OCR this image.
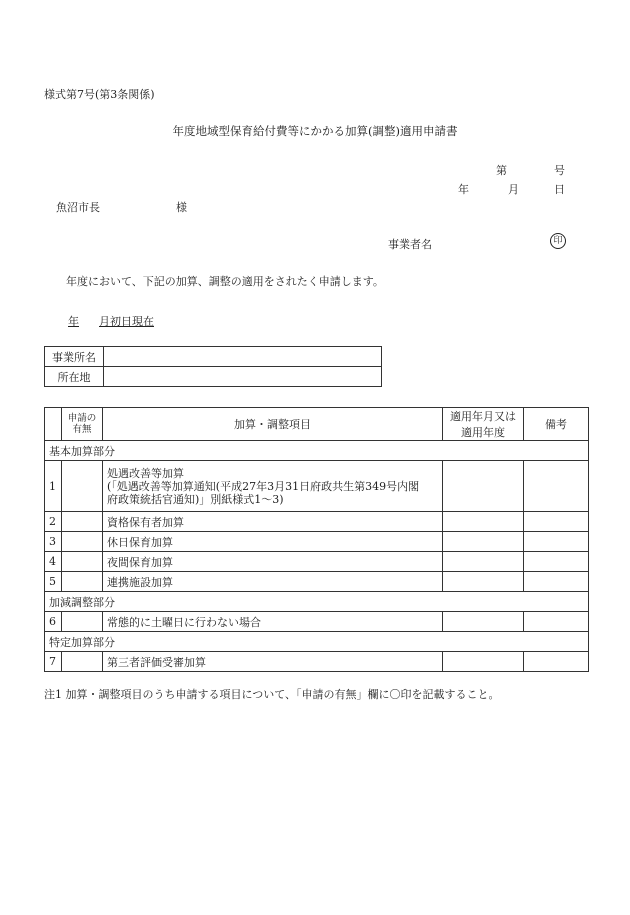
様式第7号(第3条関係)
年度地域型保育給付費等にかかる加算(調整)適用申請書
第	号
年	月	日
魚沼市長	様
事業者名	印
年度において、下記の加算、調整の適用をされたく申請します。
年 月初日現在
事業所名	
所在地	
	申請の有無	加算・調整項目	適用年月又は適用年度	備考
基本加算部分				
1		処遇改善等加算
(「処遇改善等加算通知(平成27年3月31日府政共生第349号内閣
府政策統括官通知)」別紙様式1〜3)		

2		資格保有者加算		
3		休日保育加算		
4		夜間保育加算		
5		連携施設加算		
加減調整部分				
6		常態的に土曜日に行わない場合		
特定加算部分				
7		第三者評価受審加算		
注1 加算・調整項目のうち申請する項目について、「申請の有無」欄に〇印を記載すること。
